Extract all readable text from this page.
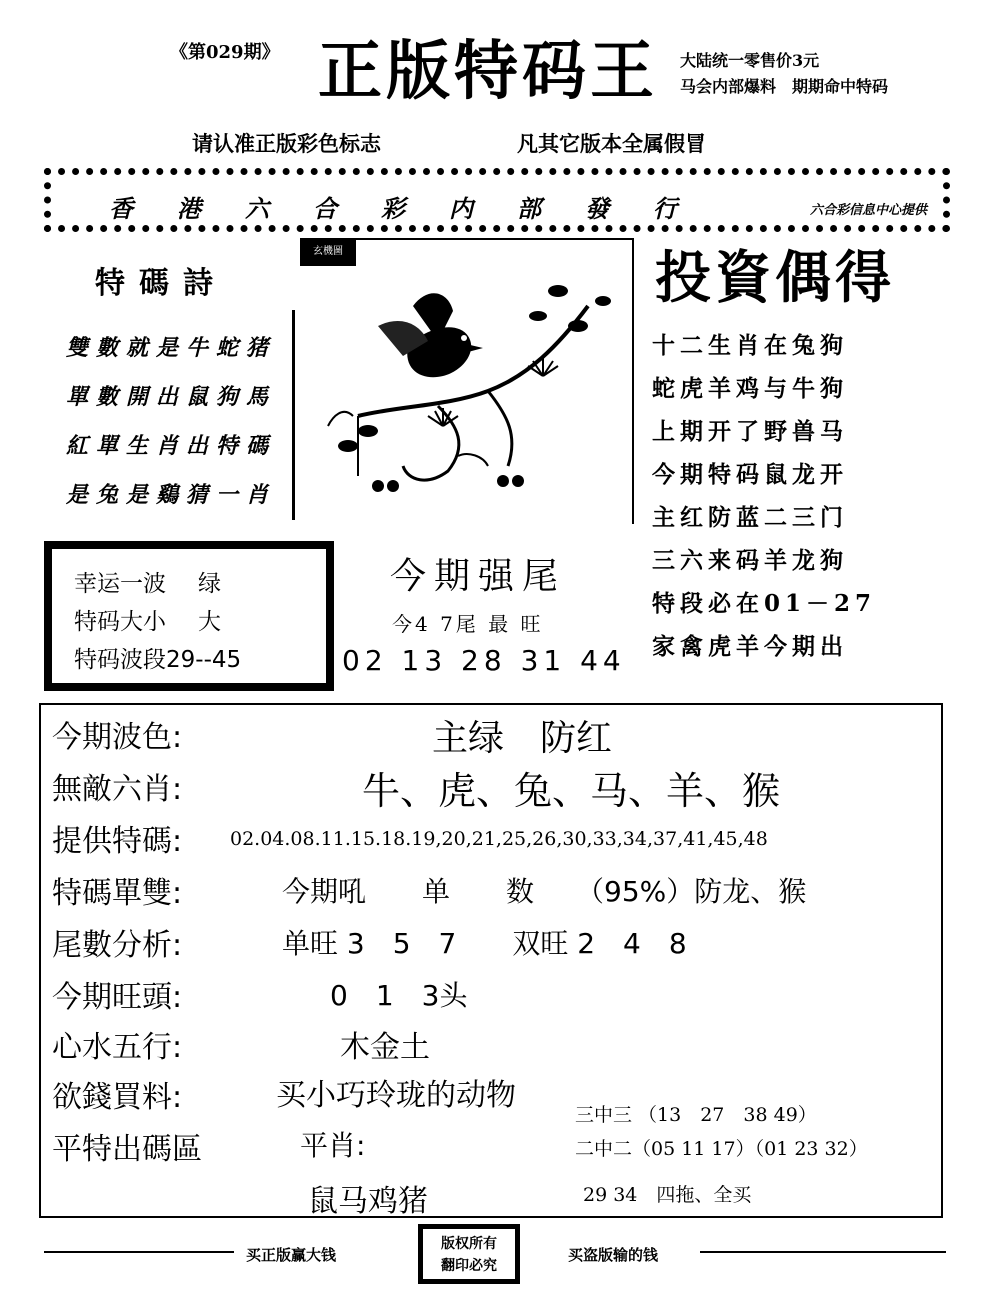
《第029期》 正版特码王 大陆统一零售价3元
马会内部爆料　期期命中特码
请认准正版彩色标志	凡其它版本全属假冒
香港六合彩内部發行	六合彩信息中心提供
特碼詩
雙數就是牛蛇猪
單數開出鼠狗馬
紅單生肖出特碼
是兔是鷄猜一肖
玄機圖	投資偶得
十二生肖在兔狗
蛇虎羊鸡与牛狗
上期开了野兽马
今期特码鼠龙开
主红防蓝二三门
三六来码羊龙狗
特段必在01－27
家禽虎羊今期出
幸运一波 绿
特码大小 大
特码波段29--45
今期强尾
今4 7尾 最 旺
02 13 28 31 44
今期波色:	主绿　防红
無敵六肖:	牛、虎、兔、马、羊、猴
提供特碼:	02.04.08.11.15.18.19,20,21,25,26,30,33,34,37,41,45,48
特碼單雙:	今期吼　　单　　数　　（95%）防龙、猴
尾數分析:	单旺 3　5　7　　双旺 2　4　8
今期旺頭:	0　1　3头
心水五行:	木金土
欲錢買料:	买小巧玲珑的动物
平特出碼區	平肖:
鼠马鸡猪
三中三 （13　27　38 49）
二中二（05 11 17）（01 23 32）
29 34　四拖、全买
买正版赢大钱
版权所有
翻印必究
买盗版输的钱
